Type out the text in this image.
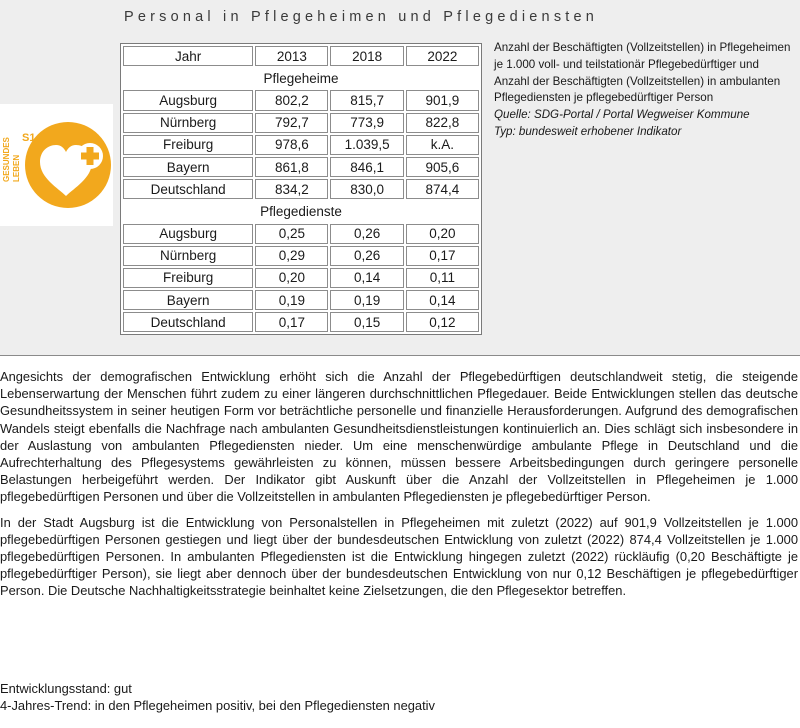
Personal in Pflegeheimen und Pflegediensten
GESUNDES LEBEN
S1
Jahr	2013	2018	2022
Pflegeheime			
Augsburg	802,2	815,7	901,9
Nürnberg	792,7	773,9	822,8
Freiburg	978,6	1.039,5	k.A.
Bayern	861,8	846,1	905,6
Deutschland	834,2	830,0	874,4
Pflegedienste			
Augsburg	0,25	0,26	0,20
Nürnberg	0,29	0,26	0,17
Freiburg	0,20	0,14	0,11
Bayern	0,19	0,19	0,14
Deutschland	0,17	0,15	0,12
Anzahl der Beschäftigten (Vollzeitstellen) in Pflegeheimen je 1.000 voll- und teilstationär Pflegebedürftiger und Anzahl der Beschäftigten (Vollzeitstellen) in ambulanten Pflegediensten je pflegebedürftiger Person
Quelle: SDG-Portal / Portal Wegweiser Kommune
Typ: bundesweit erhobener Indikator

Angesichts der demografischen Entwicklung erhöht sich die Anzahl der Pflegebedürftigen deutschlandweit stetig, die steigende Lebenserwartung der Menschen führt zudem zu einer längeren durchschnittlichen Pflegedauer. Beide Entwicklungen stellen das deutsche Gesundheitssystem in seiner heutigen Form vor beträchtliche personelle und finanzielle Herausforderungen. Aufgrund des demografischen Wandels steigt ebenfalls die Nachfrage nach ambulanten Gesundheitsdienstleistungen kontinuierlich an. Dies schlägt sich insbesondere in der Auslastung von ambulanten Pflegediensten nieder. Um eine menschenwürdige ambulante Pflege in Deutschland und die Aufrechterhaltung des Pflegesystems gewährleisten zu können, müssen bessere Arbeitsbedingungen durch geringere personelle Belastungen herbeigeführt werden. Der Indikator gibt Auskunft über die Anzahl der Vollzeitstellen in Pflegeheimen je 1.000 pflegebedürftigen Personen und über die Vollzeitstellen in ambulanten Pflegediensten je pflegebedürftiger Person.

In der Stadt Augsburg ist die Entwicklung von Personalstellen in Pflegeheimen mit zuletzt (2022) auf 901,9 Vollzeitstellen je 1.000 pflegebedürftigen Personen gestiegen und liegt über der bundesdeutschen Entwicklung von zuletzt (2022) 874,4 Vollzeitstellen je 1.000 pflegebedürftigen Personen. In ambulanten Pflegediensten ist die Entwicklung hingegen zuletzt (2022) rückläufig (0,20 Beschäftigte je pflegebedürftiger Person), sie liegt aber dennoch über der bundesdeutschen Entwicklung von nur 0,12 Beschäftigen je pflegebedürftiger Person. Die Deutsche Nachhaltigkeitsstrategie beinhaltet keine Zielsetzungen, die den Pflegesektor betreffen.

Entwicklungsstand: gut
4-Jahres-Trend: in den Pflegeheimen positiv, bei den Pflegediensten negativ
